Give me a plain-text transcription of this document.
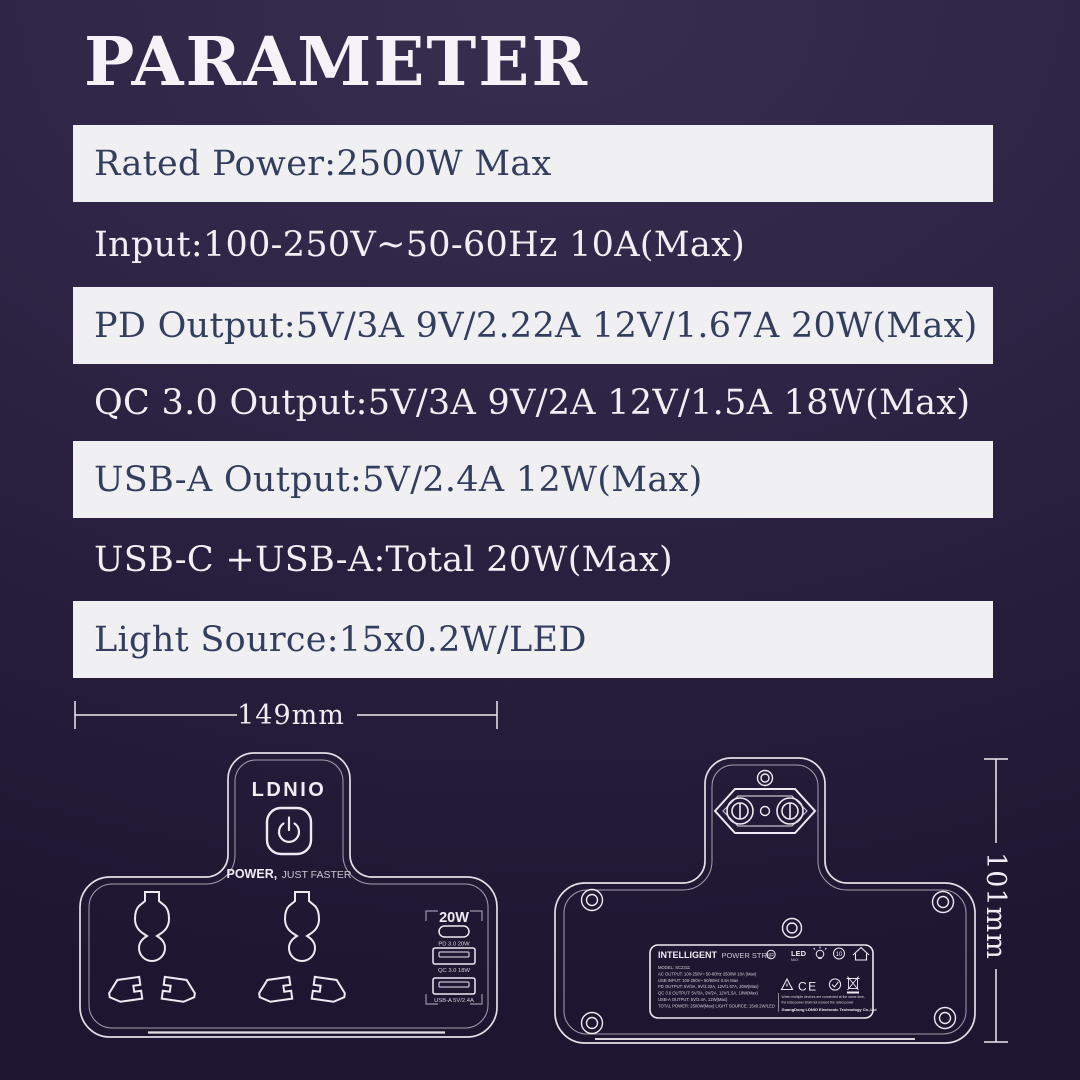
PARAMETER
Rated Power:2500W Max
Input:100-250V~50-60Hz 10A(Max)
PD Output:5V/3A 9V/2.22A 12V/1.67A 20W(Max)
QC 3.0 Output:5V/3A 9V/2A 12V/1.5A 18W(Max)
USB-A Output:5V/2.4A 12W(Max)
USB-C +USB-A:Total 20W(Max)
Light Source:15x0.2W/LED
149mm
LDNIO
POWER, JUST FASTER
20W
PD 3.0 20W
QC 3.0 18W
USB-A 5V/2.4A
INTELLIGENT POWER STRIP
MODEL: SC2311
AC OUTPUT: 100-250V~ 50-60Hz 2500W 10A (Max)
USB INPUT: 100-250V~ 50/60Hz 0.5A Max
PD OUTPUT: 5V/3A, 9V/2.22A, 12V/1.67A, 20W(Max)
QC 3.0 OUTPUT: 5V/3A, 9V/2A, 12V/1.5A, 18W(Max)
USB-A OUTPUT: 5V/2.4A, 12W(Max)
TOTAL POWER: 2500W(Max) LIGHT SOURCE: 15x0.2W/LED
LED
MAX
10
CE
When multiple devices are connected at the same time,
the total power shall not exceed the rated power
GuangDong LDNIO Electronic Technology Co.,Ltd
101mm
